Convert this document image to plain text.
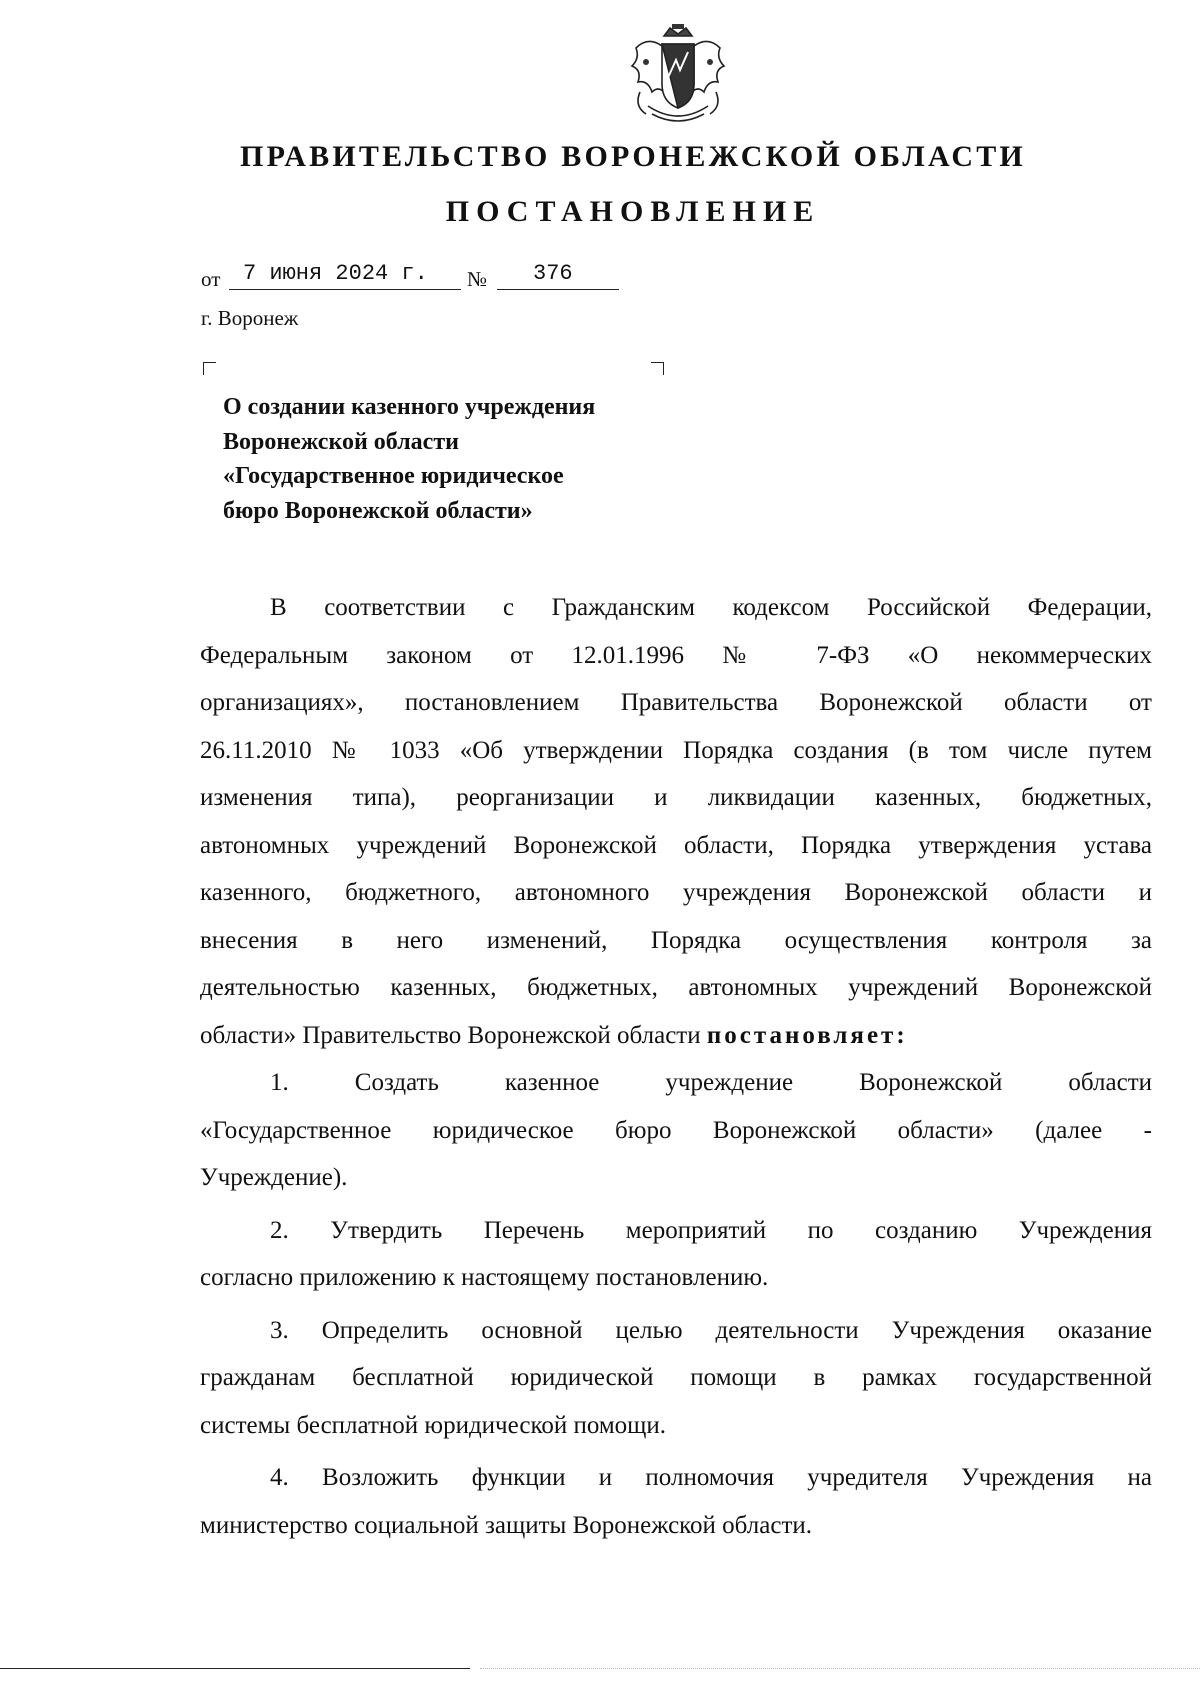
ПРАВИТЕЛЬСТВО ВОРОНЕЖСКОЙ ОБЛАСТИ
ПОСТАНОВЛЕНИЕ
от 7 июня 2024 г. № 376
г. Воронеж
О создании казенного учреждения
Воронежской области
«Государственное юридическое
бюро Воронежской области»
В соответствии с Гражданским кодексом Российской Федерации,
Федеральным законом от 12.01.1996 № 7-ФЗ «О некоммерческих
организациях», постановлением Правительства Воронежской области от
26.11.2010 № 1033 «Об утверждении Порядка создания (в том числе путем
изменения типа), реорганизации и ликвидации казенных, бюджетных,
автономных учреждений Воронежской области, Порядка утверждения устава
казенного, бюджетного, автономного учреждения Воронежской области и
внесения в него изменений, Порядка осуществления контроля за
деятельностью казенных, бюджетных, автономных учреждений Воронежской
области» Правительство Воронежской области постановляет:
1. Создать казенное учреждение Воронежской области
«Государственное юридическое бюро Воронежской области» (далее -
Учреждение).
2. Утвердить Перечень мероприятий по созданию Учреждения
согласно приложению к настоящему постановлению.
3. Определить основной целью деятельности Учреждения оказание
гражданам бесплатной юридической помощи в рамках государственной
системы бесплатной юридической помощи.
4. Возложить функции и полномочия учредителя Учреждения на
министерство социальной защиты Воронежской области.
